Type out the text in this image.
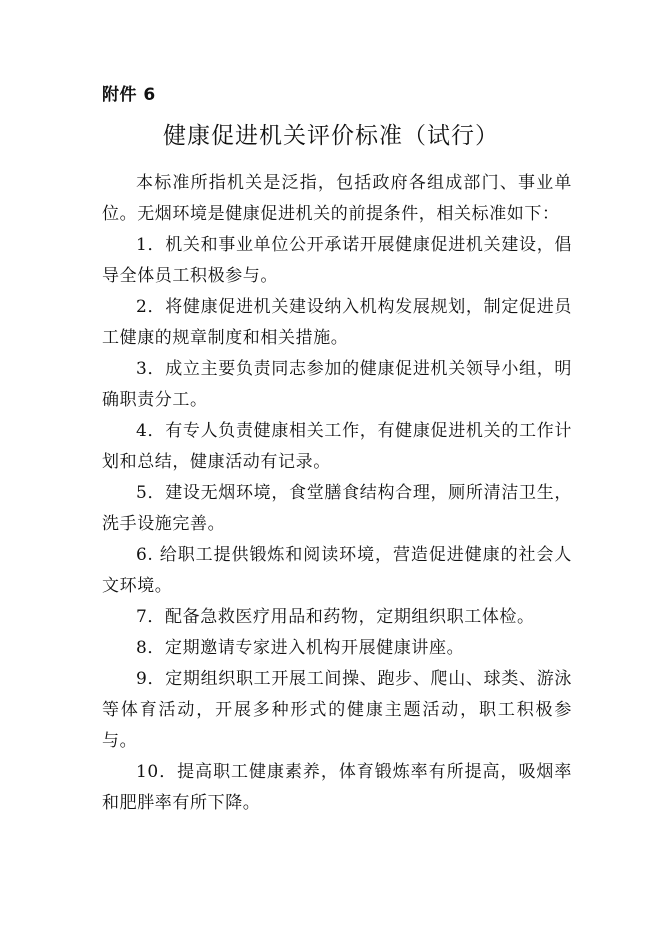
附件 6
健康促进机关评价标准（试行）

本标准所指机关是泛指，包括政府各组成部门、事业单位。无烟环境是健康促进机关的前提条件，相关标准如下：

1．机关和事业单位公开承诺开展健康促进机关建设，倡导全体员工积极参与。

2．将健康促进机关建设纳入机构发展规划，制定促进员工健康的规章制度和相关措施。

3．成立主要负责同志参加的健康促进机关领导小组，明确职责分工。

4．有专人负责健康相关工作，有健康促进机关的工作计划和总结，健康活动有记录。

5．建设无烟环境，食堂膳食结构合理，厕所清洁卫生，洗手设施完善。

6. 给职工提供锻炼和阅读环境，营造促进健康的社会人文环境。

7．配备急救医疗用品和药物，定期组织职工体检。

8．定期邀请专家进入机构开展健康讲座。

9．定期组织职工开展工间操、跑步、爬山、球类、游泳等体育活动，开展多种形式的健康主题活动，职工积极参与。

10．提高职工健康素养，体育锻炼率有所提高，吸烟率和肥胖率有所下降。
